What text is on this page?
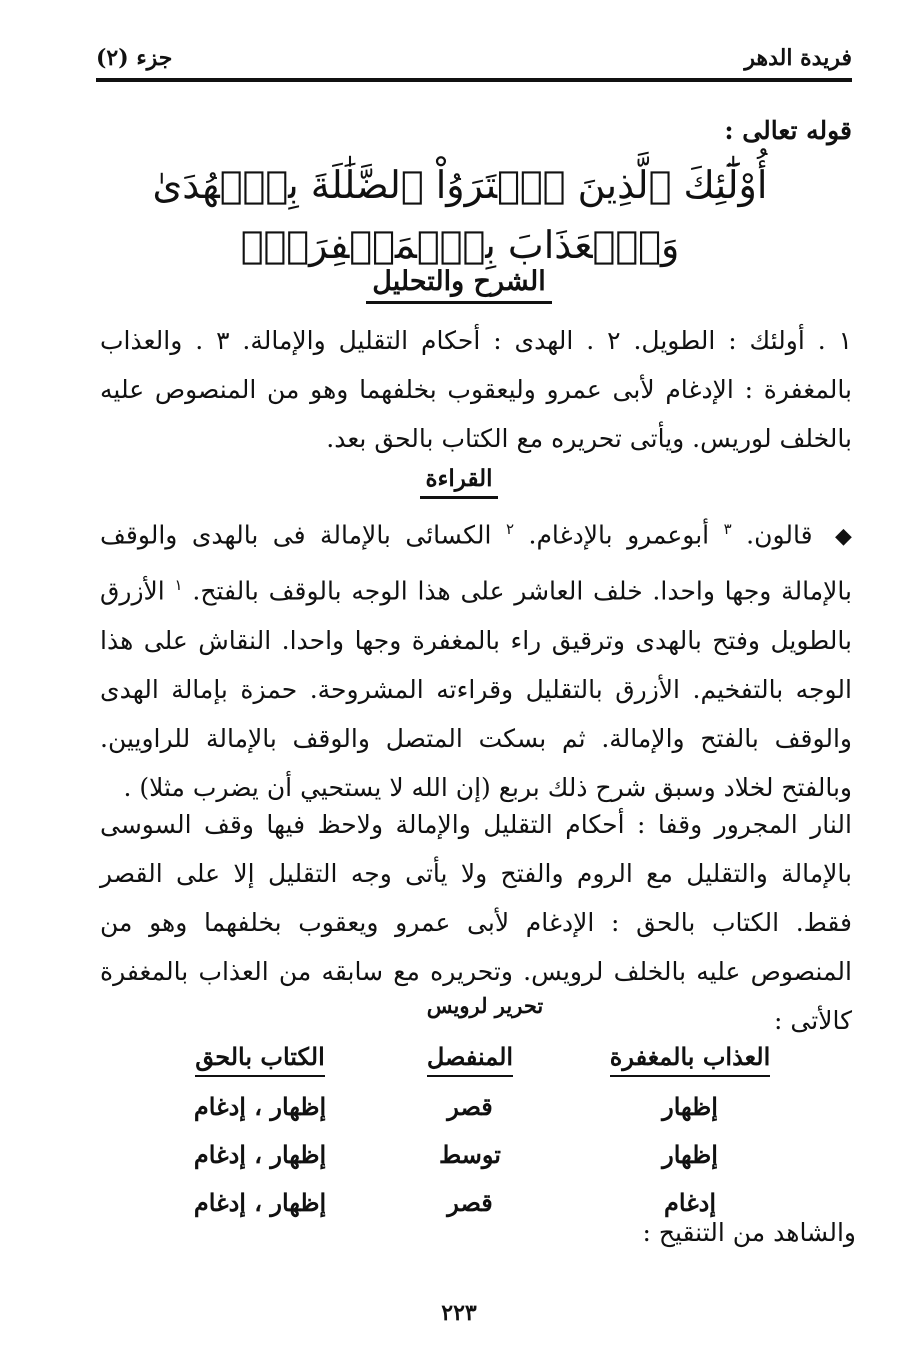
فريدة الدهر
جزء (٢)
قوله تعالى :
أُوْلَٰٓئِكَ ٱلَّذِينَ ٱشۡتَرَوُاْ ٱلضَّلَٰلَةَ بِٱلۡهُدَىٰ وَٱلۡعَذَابَ بِٱلۡمَغۡفِرَةِۚ
الشرح والتحليل
١ . أولئك : الطويل. ٢ . الهدى : أحكام التقليل والإمالة. ٣ . والعذاب بالمغفرة : الإدغام لأبى عمرو وليعقوب بخلفهما وهو من المنصوص عليه بالخلف لوريس. ويأتى تحريره مع الكتاب بالحق بعد.
القراءة
◆ قالون. $^٣$ أبوعمرو بالإدغام. $^٢$ الكسائى بالإمالة فى بالهدى والوقف بالإمالة وجها واحدا. خلف العاشر على هذا الوجه بالوقف بالفتح. $^١$ الأزرق بالطويل وفتح بالهدى وترقيق راء بالمغفرة وجها واحدا. النقاش على هذا الوجه بالتفخيم. الأزرق بالتقليل وقراءته المشروحة. حمزة بإمالة الهدى والوقف بالفتح والإمالة. ثم بسكت المتصل والوقف بالإمالة للراويين. وبالفتح لخلاد وسبق شرح ذلك بربع (إن الله لا يستحيي أن يضرب مثلا) .
النار المجرور وقفا : أحكام التقليل والإمالة ولاحظ فيها وقف السوسى بالإمالة والتقليل مع الروم والفتح ولا يأتى وجه التقليل إلا على القصر فقط. الكتاب بالحق : الإدغام لأبى عمرو ويعقوب بخلفهما وهو من المنصوص عليه بالخلف لرويس. وتحريره مع سابقه من العذاب بالمغفرة كالأتى :
تحرير لرويس
العذاب بالمغفرة
المنفصل
الكتاب بالحق
إظهار
قصر
إظهار ، إدغام
إظهار
توسط
إظهار ، إدغام
إدغام
قصر
إظهار ، إدغام
والشاهد من التنقيح :
٢٢٣
